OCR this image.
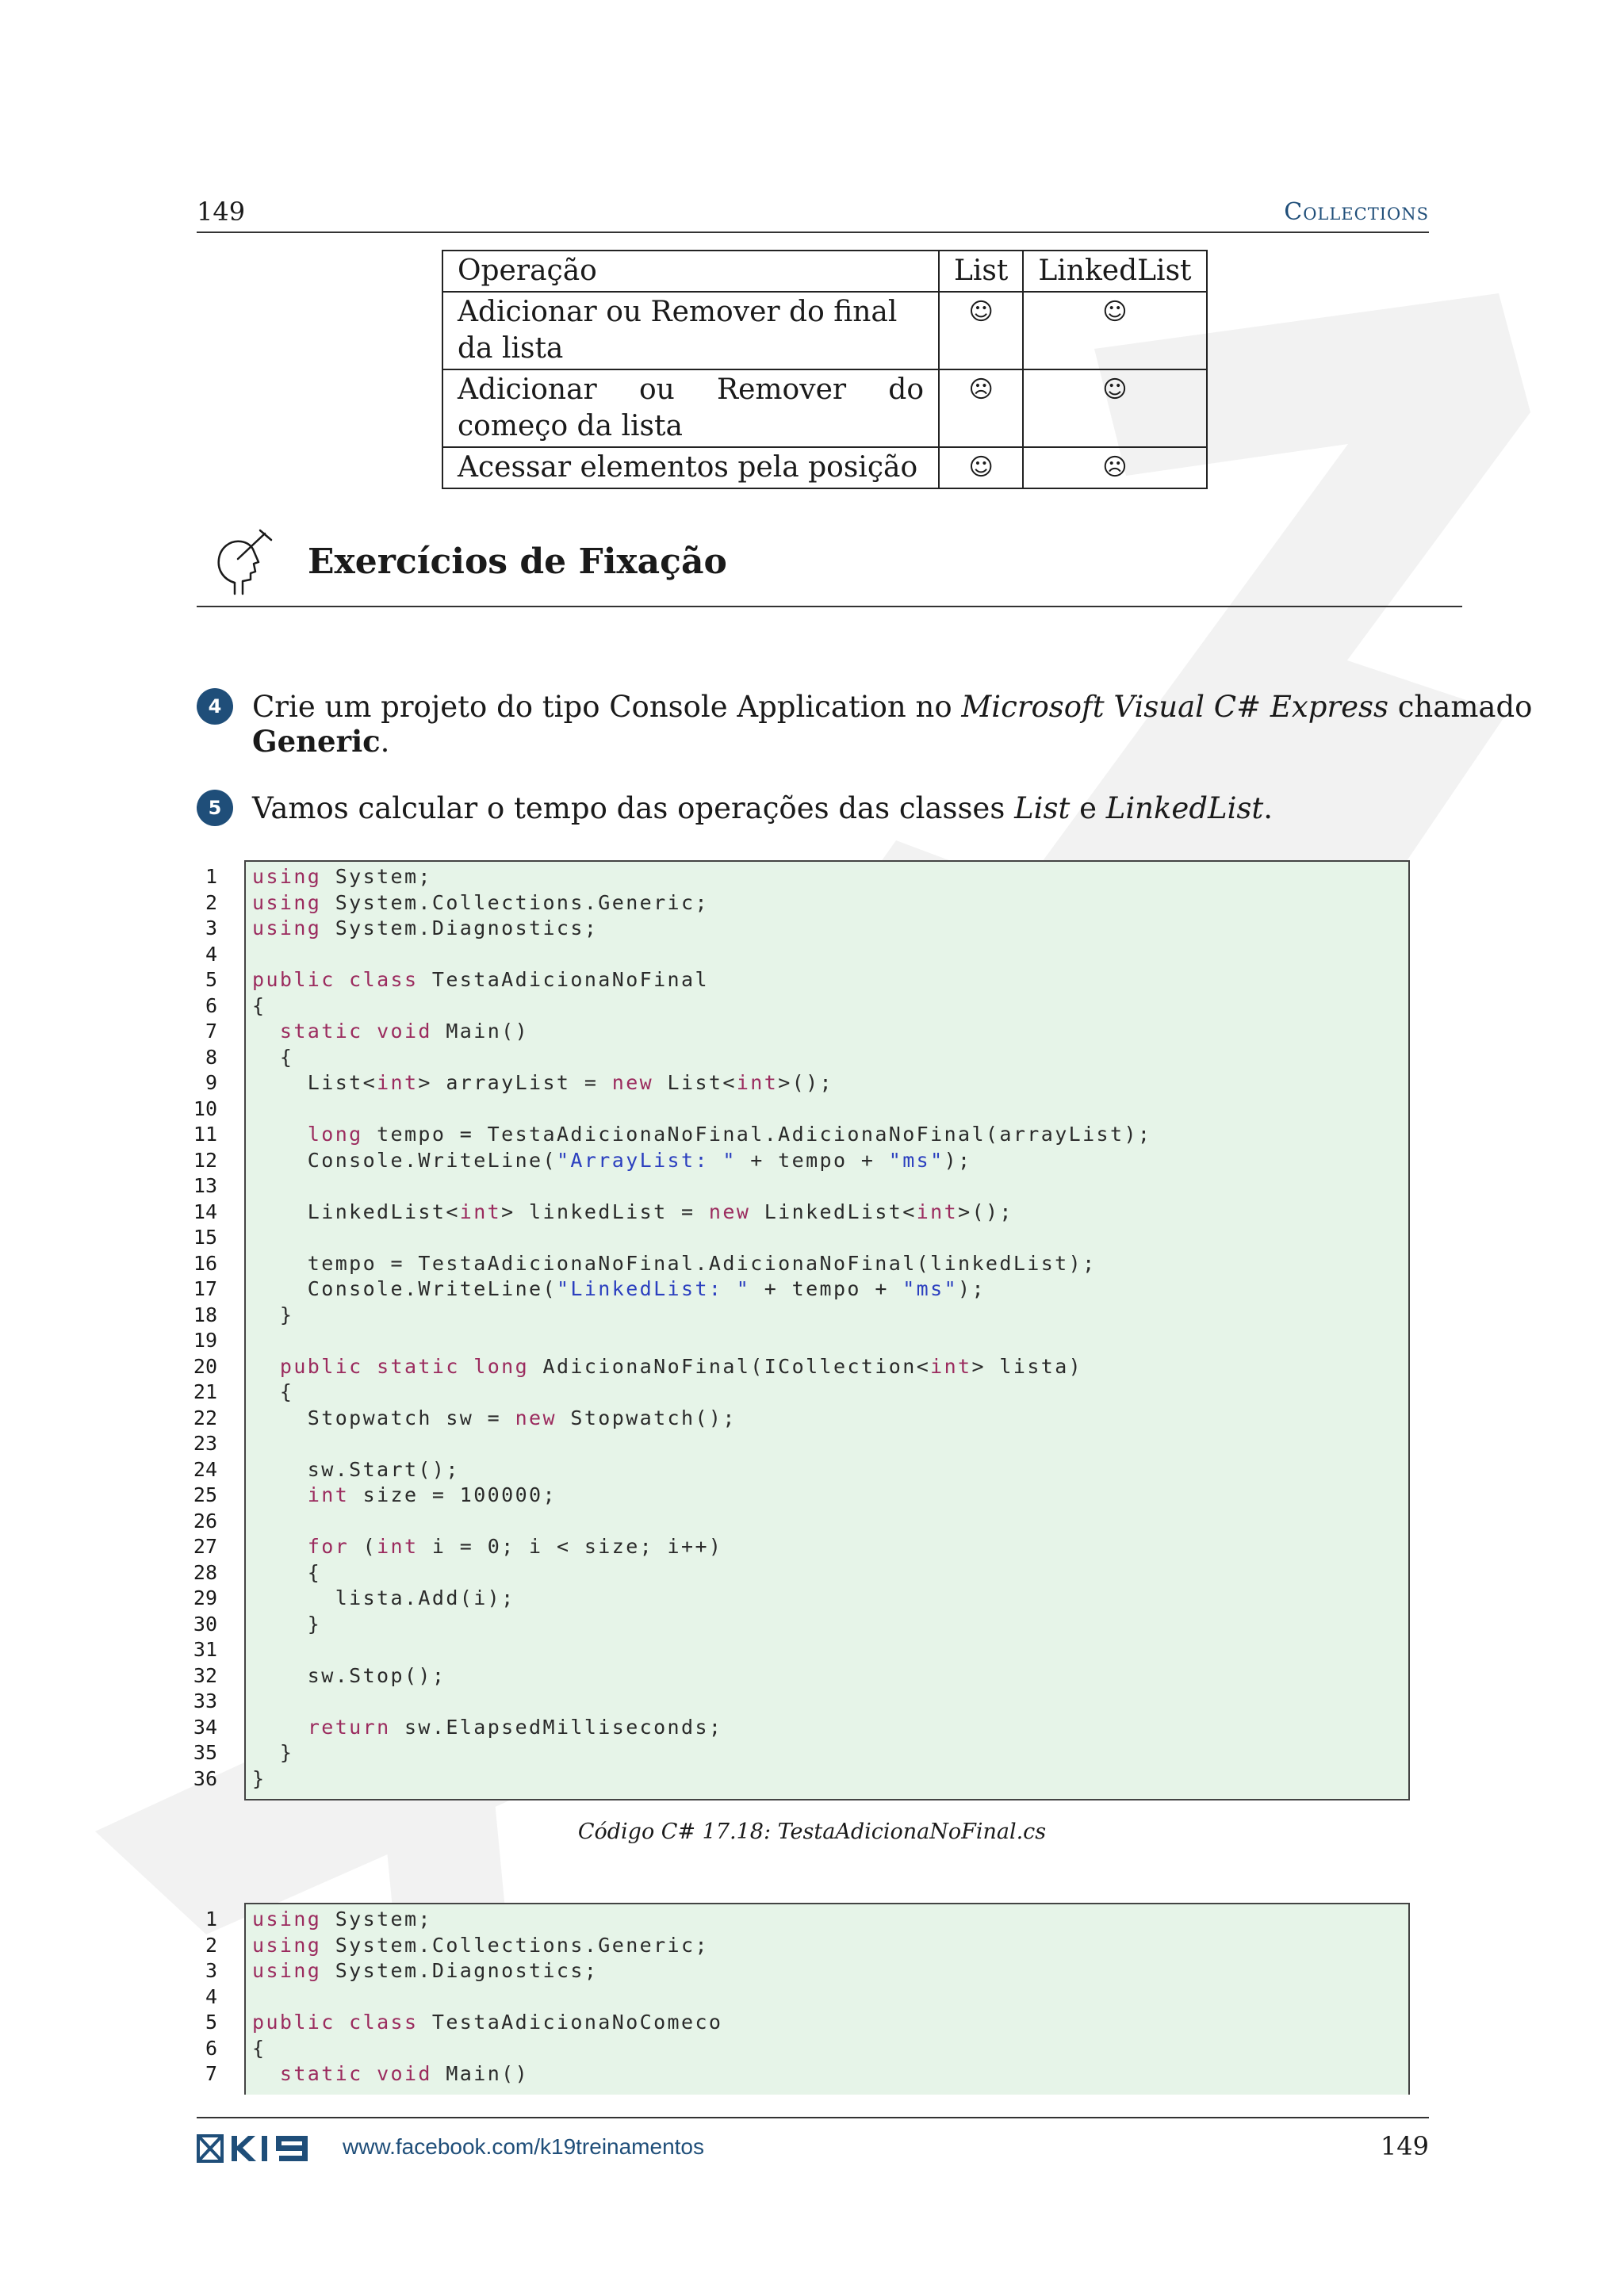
149	Collections
Operação	List	LinkedList
Adicionar ou Remover do final da lista	☺	☺
Adicionar ou Remover do começo da lista	☹	☺
Acessar elementos pela posição	☺	☹
Exercícios de Fixação
4	Crie um projeto do tipo Console Application no Microsoft Visual C# Express chamado Generic.
5	Vamos calcular o tempo das operações das classes List e LinkedList.
1
2
3
4
5
6
7
8
9
10
11
12
13
14
15
16
17
18
19
20
21
22
23
24
25
26
27
28
29
30
31
32
33
34
35
36
using System;
using System.Collections.Generic;
using System.Diagnostics;

public class TestaAdicionaNoFinal
{
static void Main()
{
List<int> arrayList = new List<int>();

long tempo = TestaAdicionaNoFinal.AdicionaNoFinal(arrayList);
Console.WriteLine("ArrayList: " + tempo + "ms");

LinkedList<int> linkedList = new LinkedList<int>();

tempo = TestaAdicionaNoFinal.AdicionaNoFinal(linkedList);
Console.WriteLine("LinkedList: " + tempo + "ms");
}

public static long AdicionaNoFinal(ICollection<int> lista)
{
Stopwatch sw = new Stopwatch();

sw.Start();
int size = 100000;

for (int i = 0; i < size; i++)
{
lista.Add(i);
}

sw.Stop();

return sw.ElapsedMilliseconds;
}
}
Código C# 17.18: TestaAdicionaNoFinal.cs
1
2
3
4
5
6
7
using System;
using System.Collections.Generic;
using System.Diagnostics;

public class TestaAdicionaNoComeco
{
static void Main()
www.facebook.com/k19treinamentos	149
